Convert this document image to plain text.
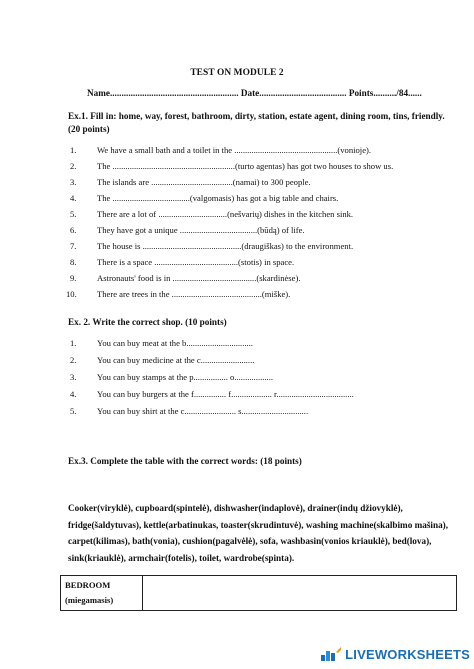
TEST ON MODULE 2
Name........................................................ Date...................................... Points........../84......
Ex.1. Fill in: home, way, forest, bathroom, dirty, station, estate agent, dining room, tins, friendly. (20 points)
1. We have a small bath and a toilet in the ................................................(vonioje).
2. The .........................................................(turto agentas) has got two houses to show us.
3. The islands are ......................................(namai) to 300 people.
4. The ....................................(valgomasis) has got a big table and chairs.
5. There are a lot of ................................(nešvarių) dishes in the kitchen sink.
6. They have got a unique ....................................(būdą) of life.
7. The house is ..............................................(draugiškas) to the environment.
8. There is a space .......................................(stotis) in space.
9. Astronauts' food is in .......................................(skardinėse).
10. There are trees in the ..........................................(miške).
Ex. 2. Write the correct shop. (10 points)
1. You can buy meat at the b...............................
2. You can buy medicine at the c.........................
3. You can buy stamps at the p................ o..................
4. You can buy burgers at the f............... f................... r....................................
5. You can buy shirt at the c........................ s...............................
Ex.3. Complete the table with the correct words: (18 points)
Cooker(viryklė), cupboard(spintelė), dishwasher(indaplovė), drainer(indų džiovyklė), fridge(šaldytuvas), kettle(arbatinukas, toaster(skrudintuvė), washing machine(skalbimo mašina), carpet(kilimas), bath(vonia), cushion(pagalvėlė), sofa, washbasin(vonios kriauklė), bed(lova), sink(kriauklė), armchair(fotelis), toilet, wardrobe(spinta).
BEDROOM
(miegamasis)
LIVEWORKSHEETS
